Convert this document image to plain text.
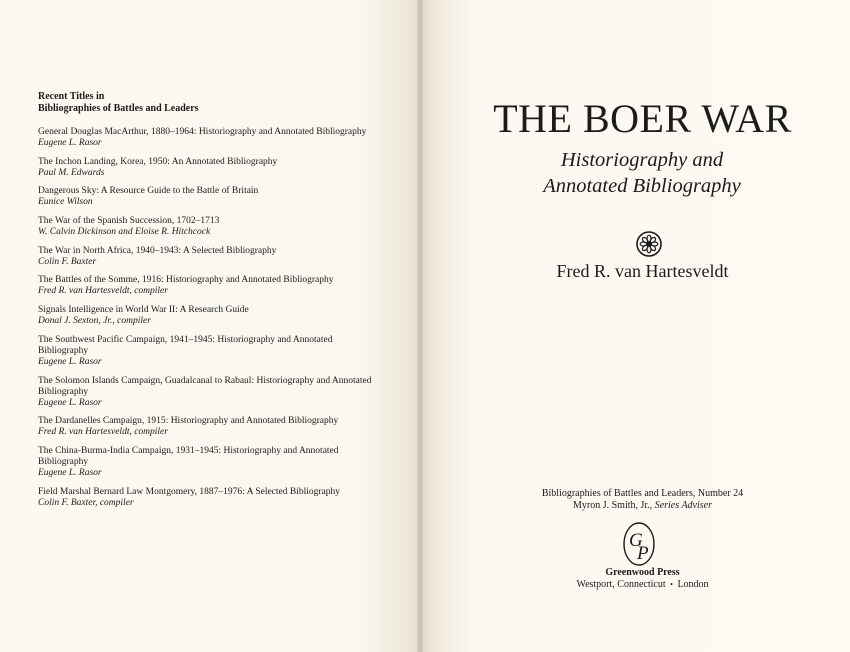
Recent Titles in
Bibliographies of Battles and Leaders
General Douglas MacArthur, 1880–1964: Historiography and Annotated Bibliography
Eugene L. Rasor
The Inchon Landing, Korea, 1950: An Annotated Bibliography
Paul M. Edwards
Dangerous Sky: A Resource Guide to the Battle of Britain
Eunice Wilson
The War of the Spanish Succession, 1702–1713
W. Calvin Dickinson and Eloise R. Hitchcock
The War in North Africa, 1940–1943: A Selected Bibliography
Colin F. Baxter
The Battles of the Somme, 1916: Historiography and Annotated Bibliography
Fred R. van Hartesveldt, compiler
Signals Intelligence in World War II: A Research Guide
Donal J. Sexton, Jr., compiler
The Southwest Pacific Campaign, 1941–1945: Historiography and Annotated Bibliography
Eugene L. Rasor
The Solomon Islands Campaign, Guadalcanal to Rabaul: Historiography and Annotated Bibliography
Eugene L. Rasor
The Dardanelles Campaign, 1915: Historiography and Annotated Bibliography
Fred R. van Hartesveldt, compiler
The China-Burma-India Campaign, 1931–1945: Historiography and Annotated Bibliography
Eugene L. Rasor
Field Marshal Bernard Law Montgomery, 1887–1976: A Selected Bibliography
Colin F. Baxter, compiler
THE BOER WAR
Historiography and
Annotated Bibliography
Fred R. van Hartesveldt
Bibliographies of Battles and Leaders, Number 24
Myron J. Smith, Jr., Series Adviser
G
P
Greenwood Press
Westport, Connecticut • London
